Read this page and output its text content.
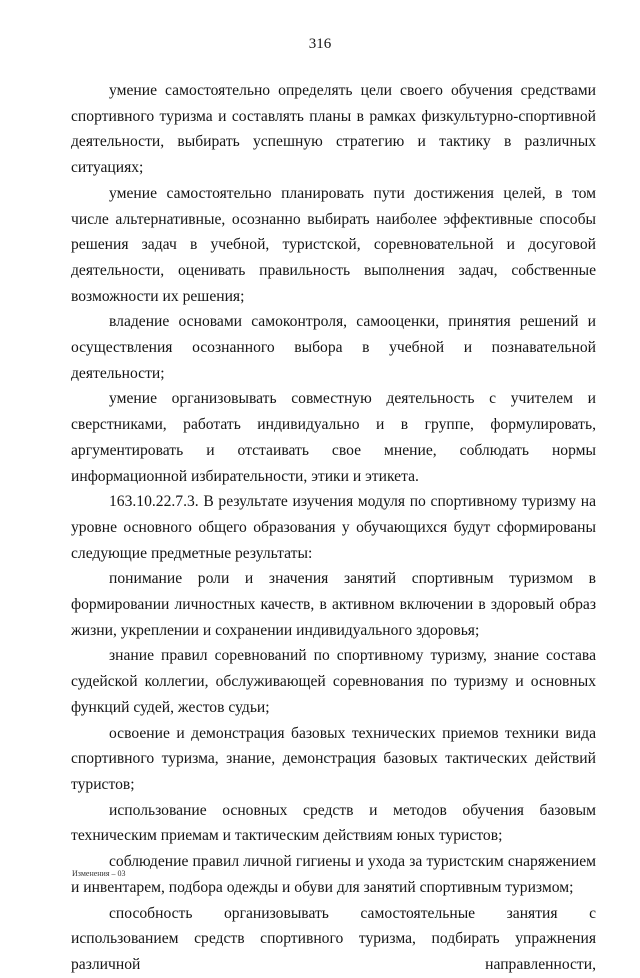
316

умение самостоятельно определять цели своего обучения средствами спортивного туризма и составлять планы в рамках физкультурно-спортивной деятельности, выбирать успешную стратегию и тактику в различных ситуациях;

умение самостоятельно планировать пути достижения целей, в том числе альтернативные, осознанно выбирать наиболее эффективные способы решения задач в учебной, туристской, соревновательной и досуговой деятельности, оценивать правильность выполнения задач, собственные возможности их решения;

владение основами самоконтроля, самооценки, принятия решений и осуществления осознанного выбора в учебной и познавательной деятельности;

умение организовывать совместную деятельность с учителем и сверстниками, работать индивидуально и в группе, формулировать, аргументировать и отстаивать свое мнение, соблюдать нормы информационной избирательности, этики и этикета.

163.10.22.7.3. В результате изучения модуля по спортивному туризму на уровне основного общего образования у обучающихся будут сформированы следующие предметные результаты:

понимание роли и значения занятий спортивным туризмом в формировании личностных качеств, в активном включении в здоровый образ жизни, укреплении и сохранении индивидуального здоровья;

знание правил соревнований по спортивному туризму, знание состава судейской коллегии, обслуживающей соревнования по туризму и основных функций судей, жестов судьи;

освоение и демонстрация базовых технических приемов техники вида спортивного туризма, знание, демонстрация базовых тактических действий туристов;

использование основных средств и методов обучения базовым техническим приемам и тактическим действиям юных туристов;

соблюдение правил личной гигиены и ухода за туристским снаряжением и инвентарем, подбора одежды и обуви для занятий спортивным туризмом;

способность организовывать самостоятельные занятия с использованием средств спортивного туризма, подбирать упражнения различной направленности,

Изменения – 03
